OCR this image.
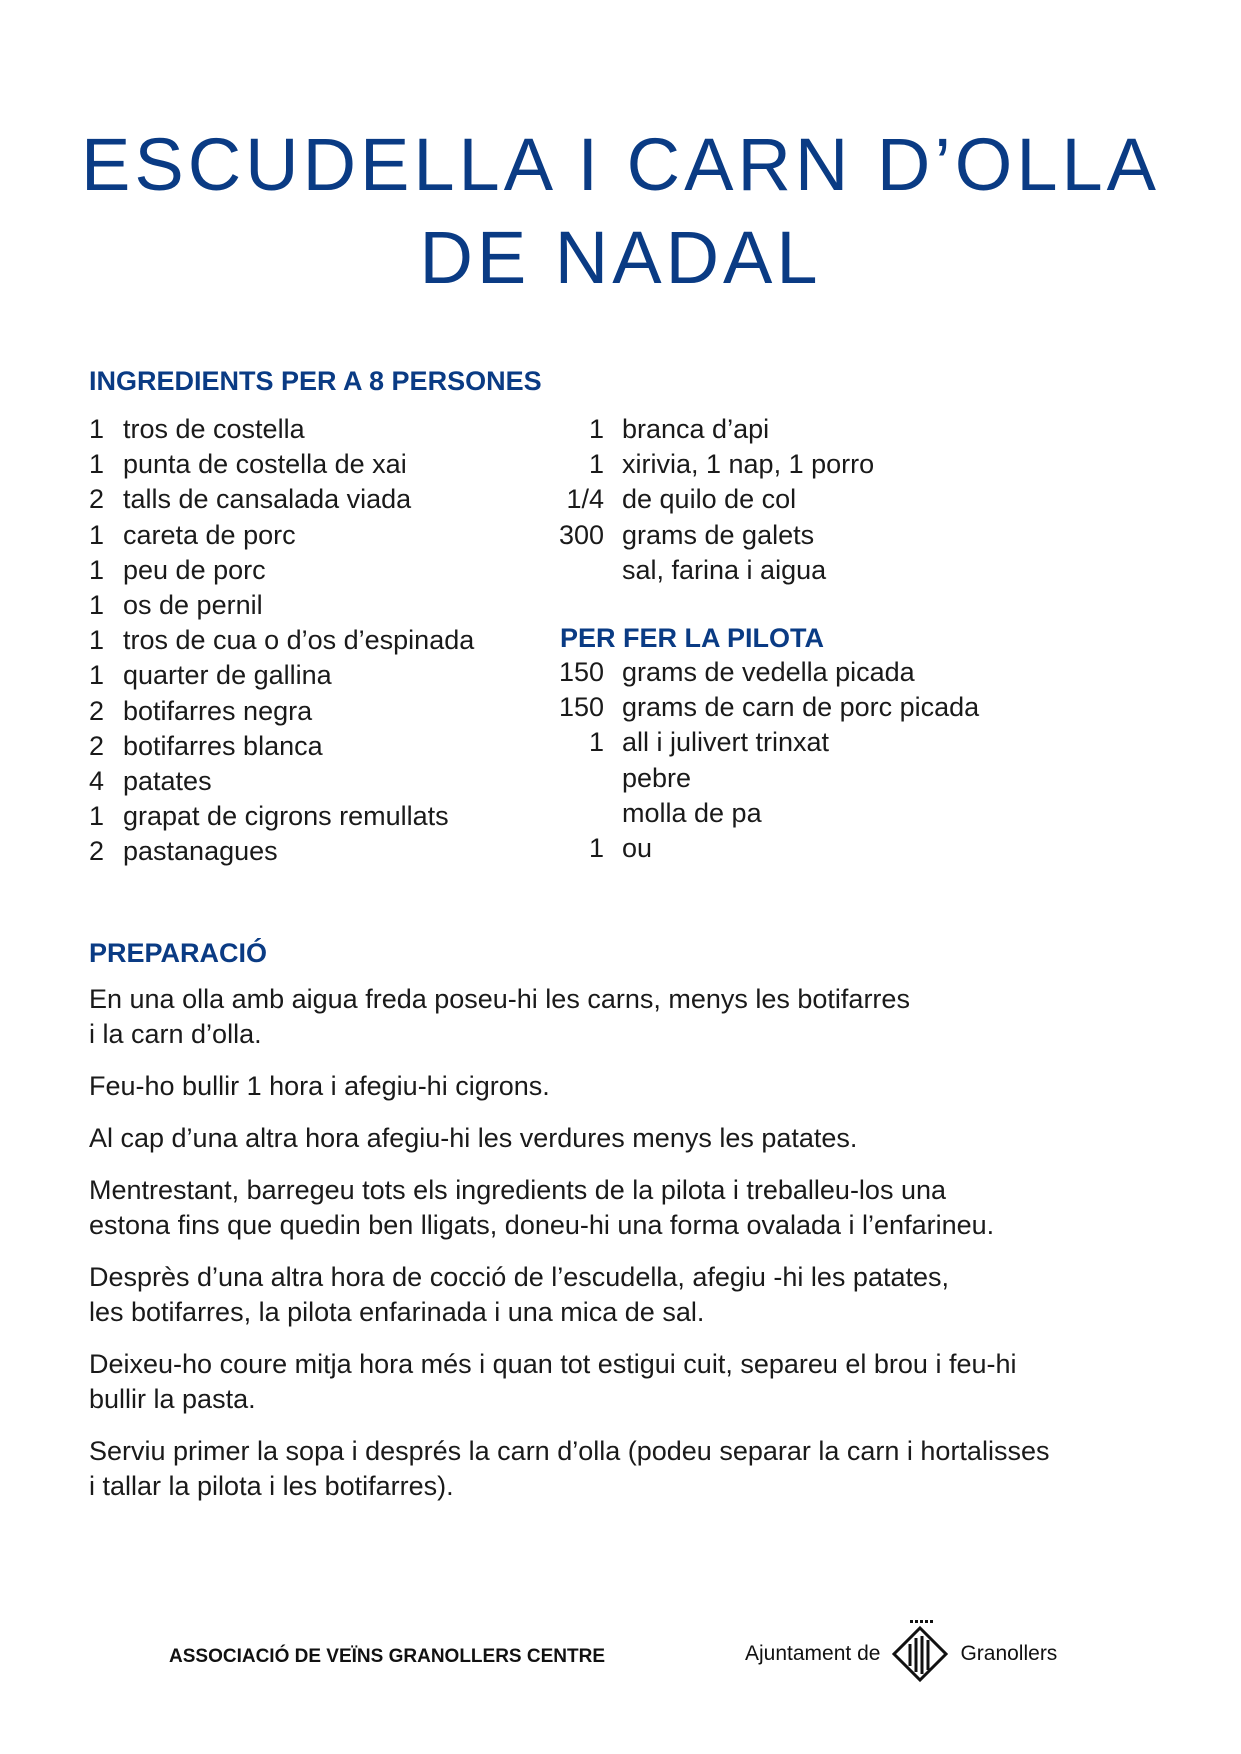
ESCUDELLA I CARN D’OLLA
DE NADAL
INGREDIENTS PER A 8 PERSONES
1 tros de costella
1 punta de costella de xai
2 talls de cansalada viada
1 careta de porc
1 peu de porc
1 os de pernil
1 tros de cua o d’os d’espinada
1 quarter de gallina
2 botifarres negra
2 botifarres blanca
4 patates
1 grapat de cigrons remullats
2 pastanagues
1 branca d’api
1 xirivia, 1 nap, 1 porro
1/4 de quilo de col
300 grams de galets
sal, farina i aigua
PER FER LA PILOTA
150 grams de vedella picada
150 grams de carn de porc picada
1 all i julivert trinxat
pebre
molla de pa
1 ou
PREPARACIÓ

En una olla amb aigua freda poseu-hi les carns, menys les botifarres
i la carn d’olla.

Feu-ho bullir 1 hora i afegiu-hi cigrons.

Al cap d’una altra hora afegiu-hi les verdures menys les patates.

Mentrestant, barregeu tots els ingredients de la pilota i treballeu-los una
estona fins que quedin ben lligats, doneu-hi una forma ovalada i l’enfarineu.

Desprès d’una altra hora de cocció de l’escudella, afegiu -hi les patates,
les botifarres, la pilota enfarinada i una mica de sal.

Deixeu-ho coure mitja hora més i quan tot estigui cuit, separeu el brou i feu-hi
bullir la pasta.

Serviu primer la sopa i després la carn d’olla (podeu separar la carn i hortalisses
i tallar la pilota i les botifarres).

ASSOCIACIÓ DE VEÏNS GRANOLLERS CENTRE	Ajuntament de	Granollers
